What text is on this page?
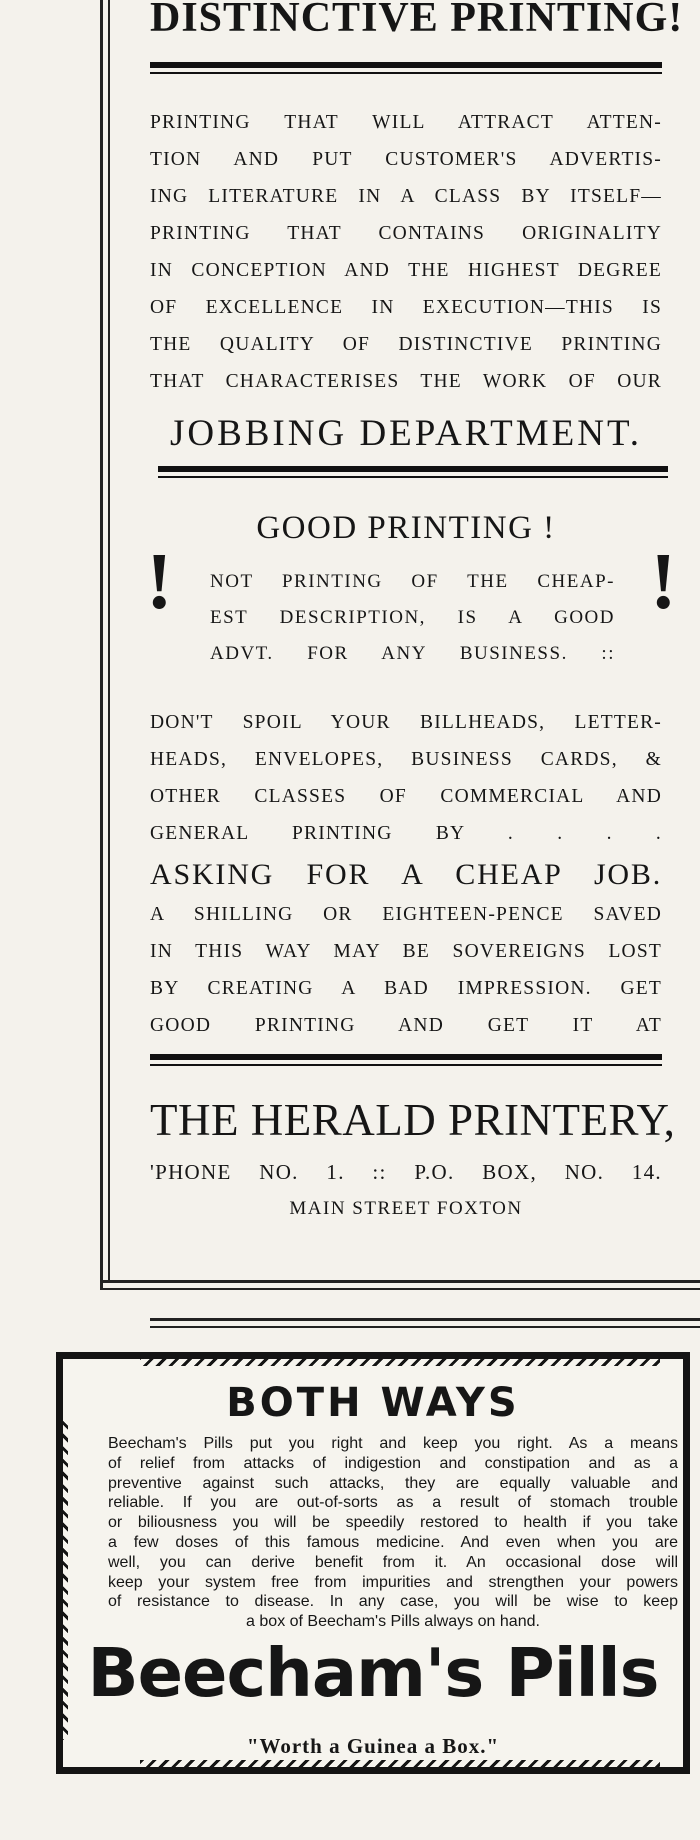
DISTINCTIVE PRINTING!
PRINTING THAT WILL ATTRACT ATTEN-
TION AND PUT CUSTOMER'S ADVERTIS-
ING LITERATURE IN A CLASS BY ITSELF—
PRINTING THAT CONTAINS ORIGINALITY
IN CONCEPTION AND THE HIGHEST DEGREE
OF EXCELLENCE IN EXECUTION—THIS IS
THE QUALITY OF DISTINCTIVE PRINTING
THAT CHARACTERISES THE WORK OF OUR
JOBBING DEPARTMENT.
GOOD PRINTING !
!	!
NOT PRINTING OF THE CHEAP-
EST DESCRIPTION, IS A GOOD
ADVT. FOR ANY BUSINESS. ::
DON'T SPOIL YOUR BILLHEADS, LETTER-
HEADS, ENVELOPES, BUSINESS CARDS, &
OTHER CLASSES OF COMMERCIAL AND
GENERAL PRINTING BY . . . .
ASKING FOR A CHEAP JOB.
A SHILLING OR EIGHTEEN-PENCE SAVED
IN THIS WAY MAY BE SOVEREIGNS LOST
BY CREATING A BAD IMPRESSION. GET
GOOD PRINTING AND GET IT AT
THE HERALD PRINTERY,
'PHONE NO. 1. :: P.O. BOX, NO. 14.
MAIN STREET FOXTON
BOTH WAYS
Beecham's Pills put you right and keep you right. As a means
of relief from attacks of indigestion and constipation and as a
preventive against such attacks, they are equally valuable and
reliable. If you are out-of-sorts as a result of stomach trouble
or biliousness you will be speedily restored to health if you take
a few doses of this famous medicine. And even when you are
well, you can derive benefit from it. An occasional dose will
keep your system free from impurities and strengthen your powers
of resistance to disease. In any case, you will be wise to keep
a box of Beecham's Pills always on hand.
Beecham's Pills
"Worth a Guinea a Box."
